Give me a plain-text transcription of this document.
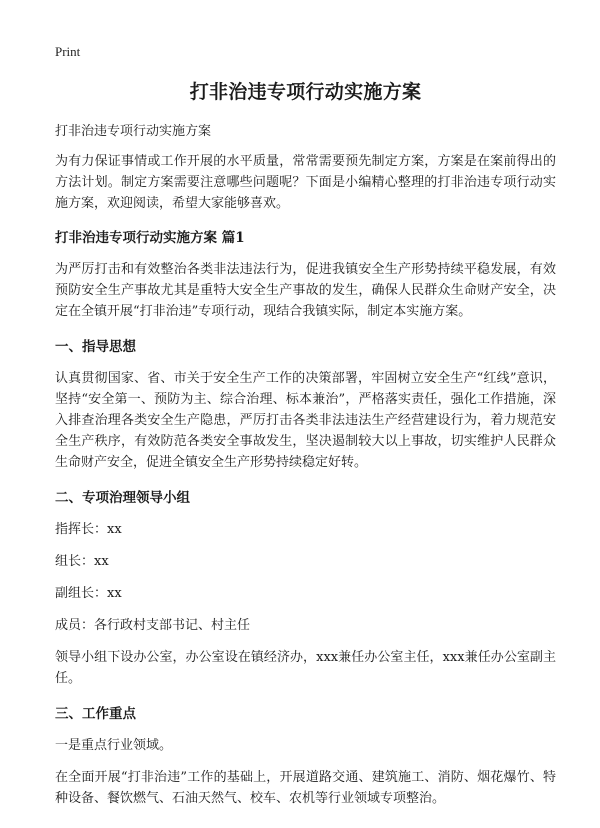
Print
打非治违专项行动实施方案

打非治违专项行动实施方案

为有力保证事情或工作开展的水平质量，常常需要预先制定方案，方案是在案前得出的方法计划。制定方案需要注意哪些问题呢？下面是小编精心整理的打非治违专项行动实施方案，欢迎阅读，希望大家能够喜欢。

打非治违专项行动实施方案 篇1

为严厉打击和有效整治各类非法违法行为，促进我镇安全生产形势持续平稳发展，有效预防安全生产事故尤其是重特大安全生产事故的发生，确保人民群众生命财产安全，决定在全镇开展“打非治违”专项行动，现结合我镇实际，制定本实施方案。

一、指导思想

认真贯彻国家、省、市关于安全生产工作的决策部署，牢固树立安全生产“红线”意识，坚持“安全第一、预防为主、综合治理、标本兼治”，严格落实责任，强化工作措施，深入排查治理各类安全生产隐患，严厉打击各类非法违法生产经营建设行为，着力规范安全生产秩序，有效防范各类安全事故发生，坚决遏制较大以上事故，切实维护人民群众生命财产安全，促进全镇安全生产形势持续稳定好转。

二、专项治理领导小组
指挥长：xx
组长：xx
副组长：xx
成员：各行政村支部书记、村主任

领导小组下设办公室，办公室设在镇经济办，xxx兼任办公室主任，xxx兼任办公室副主任。

三、工作重点

一是重点行业领域。

在全面开展“打非治违”工作的基础上，开展道路交通、建筑施工、消防、烟花爆竹、特种设备、餐饮燃气、石油天然气、校车、农机等行业领域专项整治。
